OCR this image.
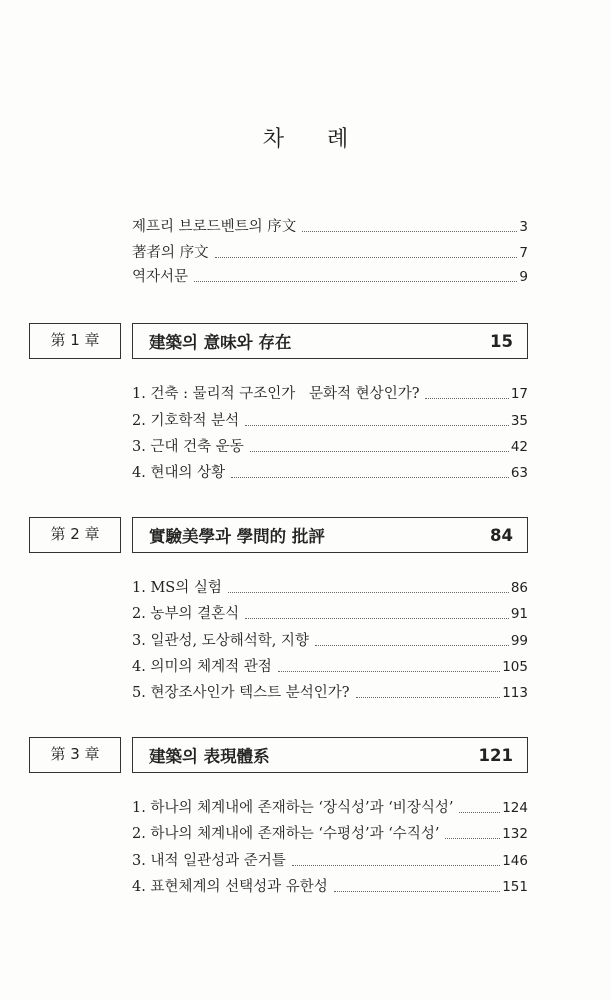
차 례
제프리 브로드벤트의 序文	3
著者의 序文	7
역자서문	9
第 1 章	建築의 意味와 存在	15
1. 건축 : 물리적 구조인가   문화적 현상인가?	17
2. 기호학적 분석	35
3. 근대 건축 운동	42
4. 현대의 상황	63
第 2 章	實驗美學과 學問的 批評	84
1. MS의 실험	86
2. 농부의 결혼식	91
3. 일관성, 도상해석학, 지향	99
4. 의미의 체계적 관점	105
5. 현장조사인가 텍스트 분석인가?	113
第 3 章	建築의 表現體系	121
1. 하나의 체계내에 존재하는 ‘장식성’과 ‘비장식성’	124
2. 하나의 체계내에 존재하는 ‘수평성’과 ‘수직성’	132
3. 내적 일관성과 준거틀	146
4. 표현체계의 선택성과 유한성	151
